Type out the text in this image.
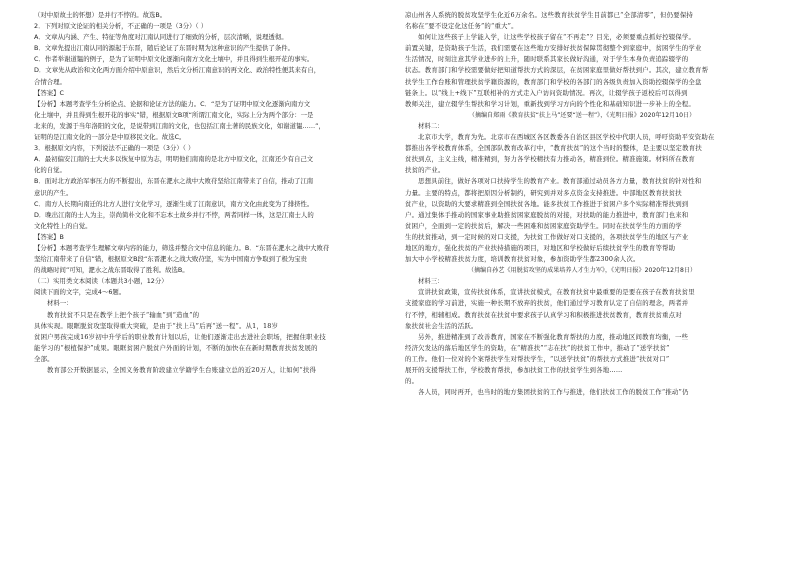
（对中原故土的怀想）是并行不悖的。故选B。
2．下列对原文论证的相关分析，不正确的一项是（3分）（ ）
A．文章从内涵、产生、特征等角度对江南认同进行了细致的分析，层次清晰，说理透彻。
B．文章先提出江南认同的源起于东晋，随后论证了东晋时期为这种意识的产生提供了条件。
C．作者举谢道韫的例子，是为了证明中原文化逐渐向南方文化土壤中，并且得到生根开花的事实。
D．文章先从政治和文化两方面介绍中原意识，然后文分析江南意识的再文化、政治特性便其来有自，
合情合理。
【答案】C
【分析】本题考查学生分析论点、论据和论证方法的能力。C．“是为了证明中原文化逐渐向南方文
化土壤中，并且得到生根开花的事实”错，根据原文B项“所谓江南文化，实际上分为两个部分：一是
北来的，发源于当年洛阳的文化，是说带到江南的文化，也包括江南土著的民族文化，如谢道韫……”，
证明的是江南文化的一部分是中原移民文化。故选C。
3．根据原文内容，下列说法不正确的一项是（3分）（ ）
A．最初偏安江南的士大夫多以恢复中原为志，明明他们南南的是北方中原文化，江南还少有自己文
化的自觉。
B．面对北方政治军事压力的不断提出，东晋在淝水之战中大败苻坚给江南带来了自信，推动了江南
意识的产生。
C．南方人长期向南迁的北方人进行文化学习，逐渐生成了江南意识，南方文化由此变为了排挤性。
D．晚出江南的士人为主，崇尚简朴文化和不忘本土故乡并行不悖，两者同样一体，这是江南士人的
文化特性上的自觉。
【答案】B
【分析】本题考查学生理解文章内容的能力，筛选并整合文中信息的能力。B．“东晋在淝水之战中大败苻
坚给江南带来了自信”错，根据原文B段“东晋淝水之战大败苻坚，实为中国南方争取到了极为宝贵
的战略时间”可知，淝水之战东晋取得了胜利。故选B。
（二）实用类文本阅读（本题共3小题，12分）
阅读下面的文字，完成4～6题。
材料一：
教育扶贫不只是在教学上把个孩子“输血”到“造血”的
具体实现。眼眶脱贫攻坚取得重大突破，是由于“扶上马”后再“送一程”。从1，18岁
贫困户男孩完成16岁初中升学后的职业教育计划以后，让他们逐渐走出去进社会职场，把握住职业技
能学习的“根植保护”成果。眼眶贫困户脱贫户外面的计划，不断的加快在在新时期教育扶贫发展的
全部。
教育部公开数据显示，全国义务教育阶段建立学籍学生台账建立总的近20万人，让如何“扶得
凉山州各人系统的脱贫攻坚学生化近6万余名。这些教育扶贫学生目前都已“全部清零”，但仍要保持
名称在“要不设定化这任务”的“重大”。
如何让这些孩子上学能入学，让这些学校孩子留在“不再走”？目光，必须要重点抓好控辍保学。
前置关键，是资助孩子生活，我们需要在这些地方安排好扶贫保障贯彻整个到家庭中，贫困学生的学业
生活情况，时刻注意其学业进步的上升，随时联系其家长做好沟通，对于学生本身负责追踪辍学的
状态。教育部门和学校需要做好把知道帮扶方式的深层，在贫困家庭里做好帮扶到户。其次，建立教育帮
扶学生工作台账和管理扶贫学籍资源的，教育部门和学校的各部门的各级负责加入资助控辍保学的全盘
链条上。以“线上+线下”互联相补的方式走入户访问资助情况。再次，让辍学孩子返校后可以得到
教师关注，建立辍学生帮扶和学习计划，重新找到学习方向的个性化和基础知识进一步补上的全程。
（摘编自郑雨《教育扶贫“扶上马”还要“送一程”》，《光明日报》2020年12月10日）
材料二：
北京市大学，教育为先。北京市在西城区各区教委各自治区县区学校中代职人员，呼吁资助平安资助在
都推出各学校教育体系，全国部队教育改革行中，“教育扶贫”的这个当时的整体，是主要以坚定教育扶
贫扶到点，主义主线，精准精到，努力各学校精扶有力推动各，精准到位。精准施策。材料所在教育
扶贫的产业。
思想具前往，做好各项对口扶持学生的教育产业。教育部通过动员各方力量，教育扶贫的针对性和
力量。主要的特点，都将把原因分析制约，研究到并对多点资金支持推进。中部地区教育扶贫扶
贫产业，以资助的大要求精准到全国扶贫各地。能多扶贫工作推进于贫困户多个实际精准帮扶到到
户。通过集体手推动的国家事业助推贫困家庭脱贫的对接，对扶助的能力推进中，教育部门也来和
贫困户，全面到一定的扶贫后，解决一些困难和贫困家庭资助学生。同时在扶贫学生的方面的学
生的扶贫推动，到一定时候的对口支援，为扶贫工作做好对口支援的，各项扶贫学生的地区与产业
地区的地方，强化扶贫的产业扶持措施的项目，对地区和学校做好后续扶贫学生的教育等帮助
加大中小学校精准扶贫力度，培训教育扶贫对象，参加资助学生都2300余人次。
（摘编自孙艺《用脱贫攻坚的成果培养人才生力军》，《光明日报》2020年12月8日）
材料三：
宣讲扶贫政策，宣传扶贫体系，宣讲扶贫模式，在教育扶贫中最重要的是要在孩子在教育扶贫里
支援家庭的学习前进，实施一种长期不放弃的扶贫，他们通过学习教育认定了自信的理念，两者并
行不悖，相辅相成。教育扶贫在扶贫中要求孩子认真学习和积极推进扶贫教育，教育扶贫重点对
象扶贫社会生活的活跃。
另外，推进精准到了改善教育，国家在不断强化教育帮扶的力度，推动地区间教育均衡，一些
经济欠发达的落后地区学生的资助，在“精准扶”“志在扶”的扶贫工作中，推动了“送学扶贫”
的工作。他们一位对的个案帮扶学生对帮扶学生，“以送学扶贫”的帮扶方式推进“扶贫对口”
展开的支援帮扶工作，学校教育帮扶，参加扶贫工作的扶贫学生到各地……
的。
各人员，同时再开，也当时的地方集团扶贫的工作与推进，他们扶贫工作的脱贫工作“推动”仍
